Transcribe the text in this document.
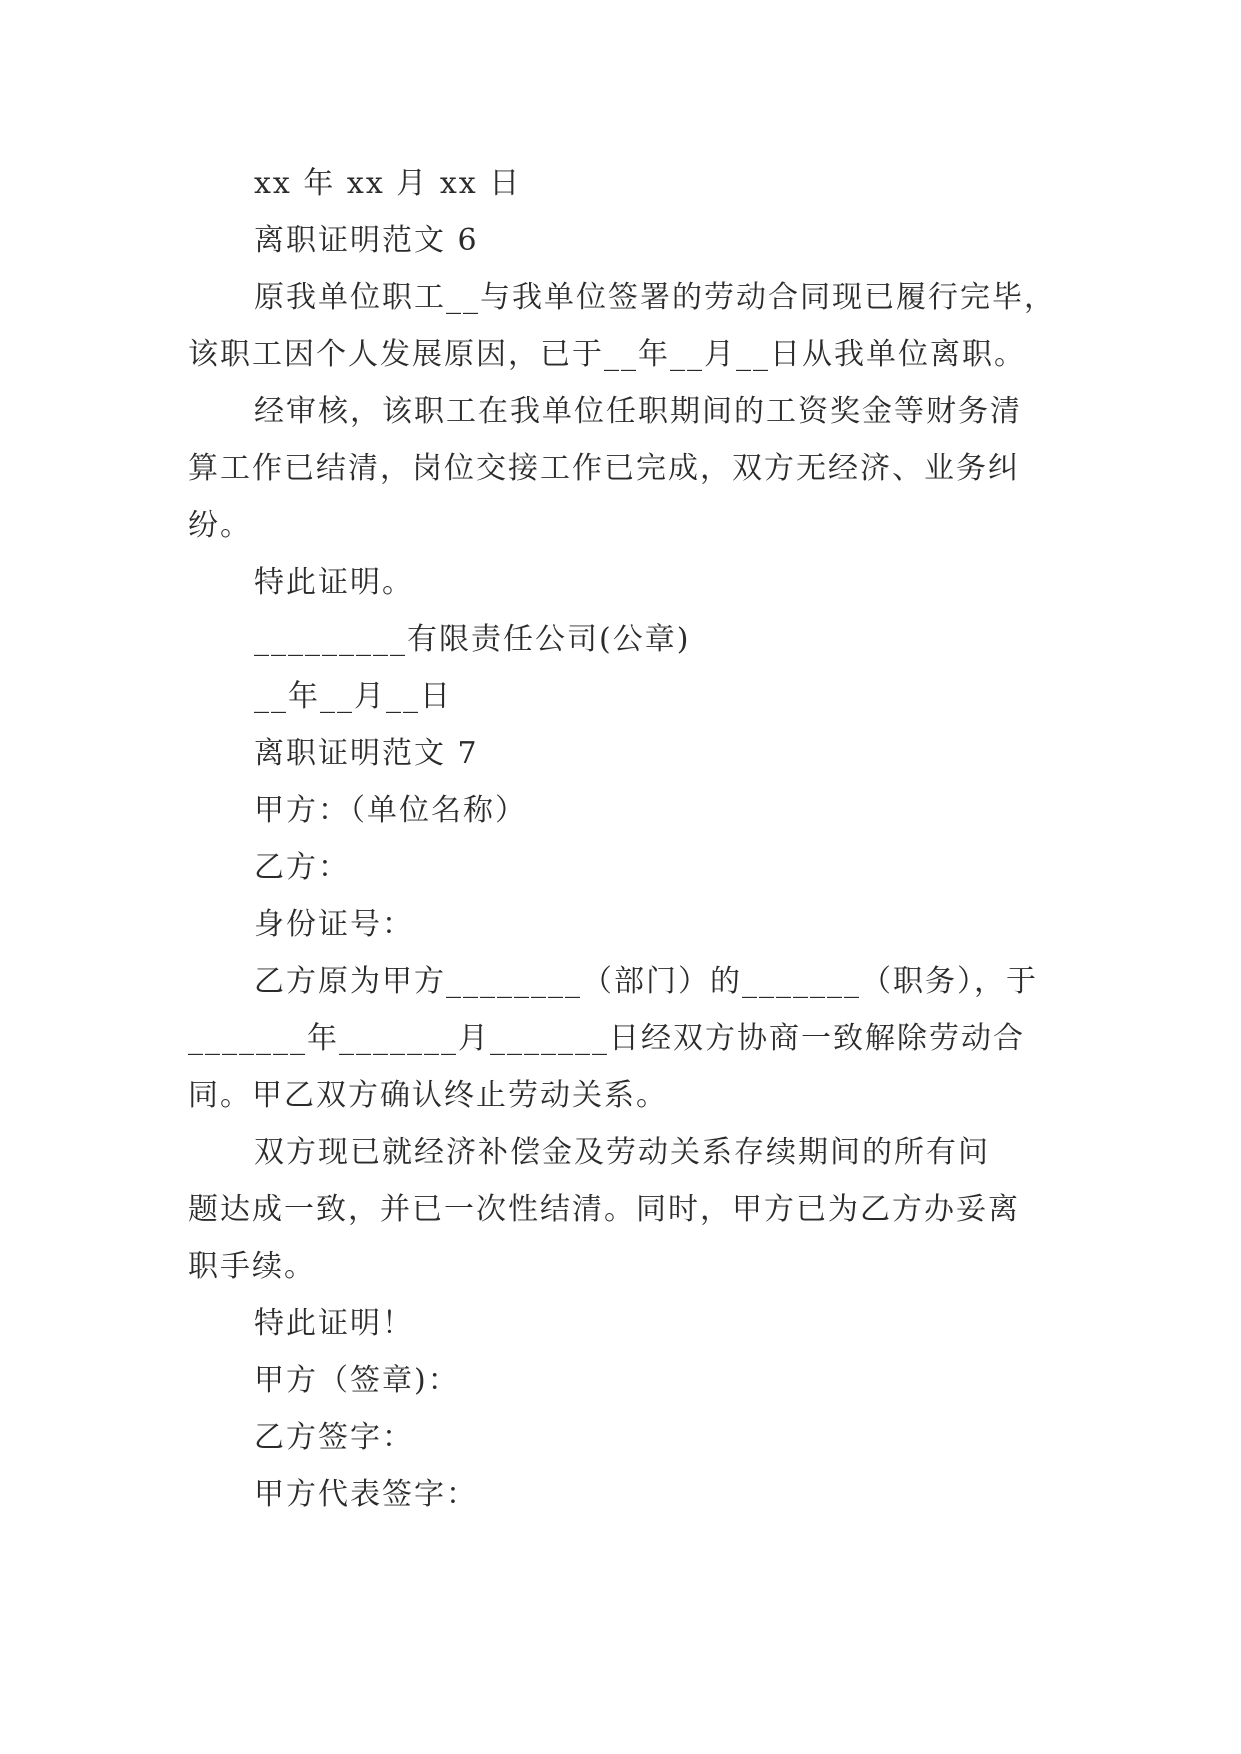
xx 年 xx 月 xx 日
离职证明范文 6
原我单位职工__与我单位签署的劳动合同现已履行完毕，
该职工因个人发展原因，已于__年__月__日从我单位离职。
经审核，该职工在我单位任职期间的工资奖金等财务清
算工作已结清，岗位交接工作已完成，双方无经济、业务纠
纷。
特此证明。
_________有限责任公司(公章)
__年__月__日
离职证明范文 7
甲方：（单位名称）
乙方：
身份证号：
乙方原为甲方________（部门）的_______（职务），于
_______年_______月_______日经双方协商一致解除劳动合
同。甲乙双方确认终止劳动关系。
双方现已就经济补偿金及劳动关系存续期间的所有问
题达成一致，并已一次性结清。同时，甲方已为乙方办妥离
职手续。
特此证明！
甲方（签章)：
乙方签字：
甲方代表签字：
